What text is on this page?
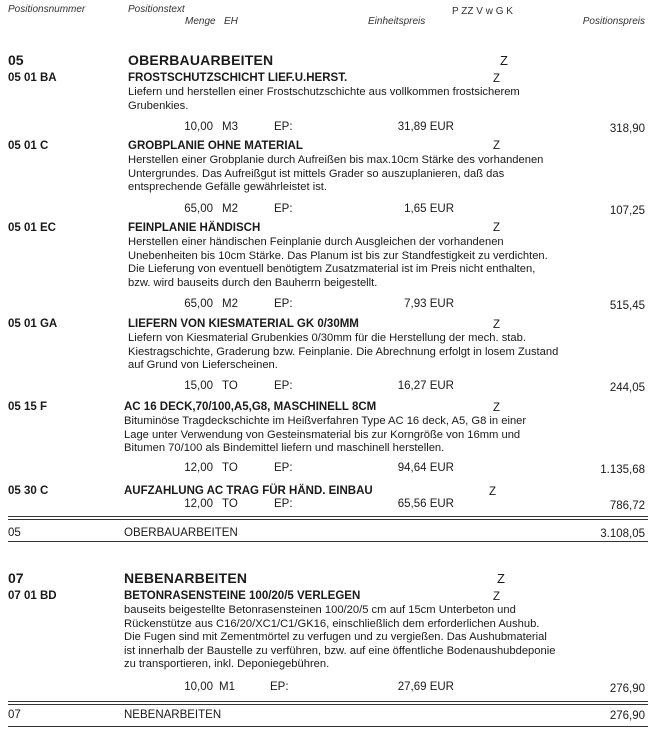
Positionsnummer	Positionstext
Menge EH	Einheitspreis
P ZZ V w G K
Positionspreis
05	OBERBAUARBEITEN	Z
05 01 BA	FROSTSCHUTZSCHICHT LIEF.U.HERST.	Z
Liefern und herstellen einer Frostschutzschichte aus vollkommen frostsicherem
Grubenkies.
10,00 M3	EP:	31,89 EUR	318,90
05 01 C	GROBPLANIE OHNE MATERIAL	Z
Herstellen einer Grobplanie durch Aufreißen bis max.10cm Stärke des vorhandenen
Untergrundes. Das Aufreißgut ist mittels Grader so auszuplanieren, daß das
entsprechende Gefälle gewährleistet ist.
65,00 M2	EP:	1,65 EUR	107,25
05 01 EC	FEINPLANIE HÄNDISCH	Z
Herstellen einer händischen Feinplanie durch Ausgleichen der vorhandenen
Unebenheiten bis 10cm Stärke. Das Planum ist bis zur Standfestigkeit zu verdichten.
Die Lieferung von eventuell benötigtem Zusatzmaterial ist im Preis nicht enthalten,
bzw. wird bauseits durch den Bauherrn beigestellt.
65,00 M2	EP:	7,93 EUR	515,45
05 01 GA	LIEFERN VON KIESMATERIAL GK 0/30MM	Z
Liefern von Kiesmaterial Grubenkies 0/30mm für die Herstellung der mech. stab.
Kiestragschichte, Graderung bzw. Feinplanie. Die Abrechnung erfolgt in losem Zustand
auf Grund von Lieferscheinen.
15,00 TO	EP:	16,27 EUR	244,05
05 15 F	AC 16 DECK,70/100,A5,G8, MASCHINELL 8CM	Z
Bituminöse Tragdeckschichte im Heißverfahren Type AC 16 deck, A5, G8 in einer
Lage unter Verwendung von Gesteinsmaterial bis zur Korngröße von 16mm und
Bitumen 70/100 als Bindemittel liefern und maschinell herstellen.
12,00 TO	EP:	94,64 EUR	1.135,68
05 30 C	AUFZAHLUNG AC TRAG FÜR HÄND. EINBAU	Z
12,00 TO	EP:	65,56 EUR	786,72
05	OBERBAUARBEITEN	3.108,05
07	NEBENARBEITEN	Z
07 01 BD	BETONRASENSTEINE 100/20/5 VERLEGEN	Z
bauseits beigestellte Betonrasensteinen 100/20/5 cm auf 15cm Unterbeton und
Rückenstütze aus C16/20/XC1/C1/GK16, einschließlich dem erforderlichen Aushub.
Die Fugen sind mit Zementmörtel zu verfugen und zu vergießen. Das Aushubmaterial
ist innerhalb der Baustelle zu verführen, bzw. auf eine öffentliche Bodenaushubdeponie
zu transportieren, inkl. Deponiegebühren.
10,00 M1	EP:	27,69 EUR	276,90
07	NEBENARBEITEN	276,90
